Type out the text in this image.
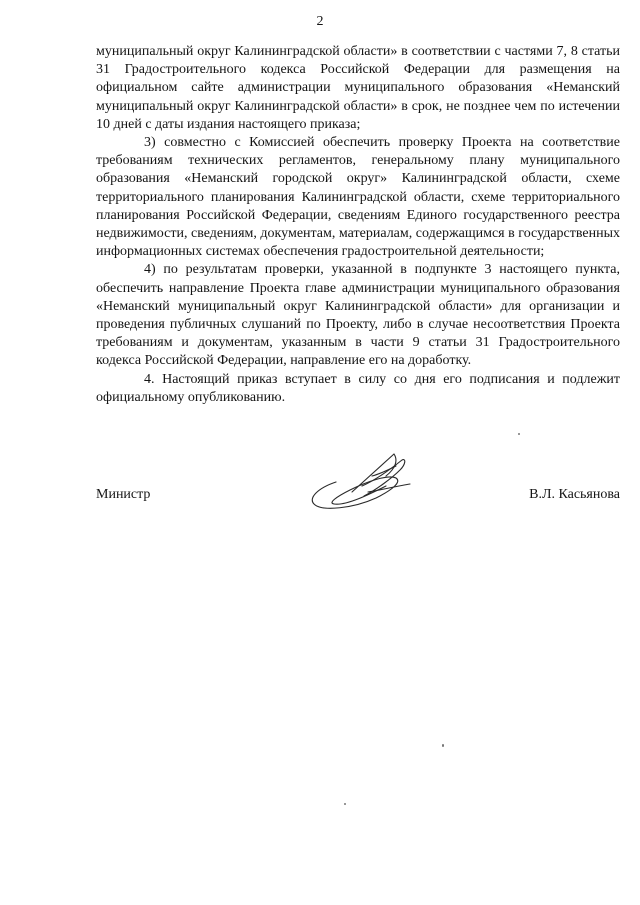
2

муниципальный округ Калининградской области» в соответствии с частями 7, 8 статьи 31 Градостроительного кодекса Российской Федерации для размещения на официальном сайте администрации муниципального образования «Неманский муниципальный округ Калининградской области» в срок, не позднее чем по истечении 10 дней с даты издания настоящего приказа;

3) совместно с Комиссией обеспечить проверку Проекта на соответствие требованиям технических регламентов, генеральному плану муниципального образования «Неманский городской округ» Калининградской области, схеме территориального планирования Калининградской области, схеме территориального планирования Российской Федерации, сведениям Единого государственного реестра недвижимости, сведениям, документам, материалам, содержащимся в государственных информационных системах обеспечения градостроительной деятельности;

4) по результатам проверки, указанной в подпункте 3 настоящего пункта, обеспечить направление Проекта главе администрации муниципального образования «Неманский муниципальный округ Калининградской области» для организации и проведения публичных слушаний по Проекту, либо в случае несоответствия Проекта требованиям и документам, указанным в части 9 статьи 31 Градостроительного кодекса Российской Федерации, направление его на доработку.

4. Настоящий приказ вступает в силу со дня его подписания и подлежит официальному опубликованию.

Министр	В.Л. Касьянова
